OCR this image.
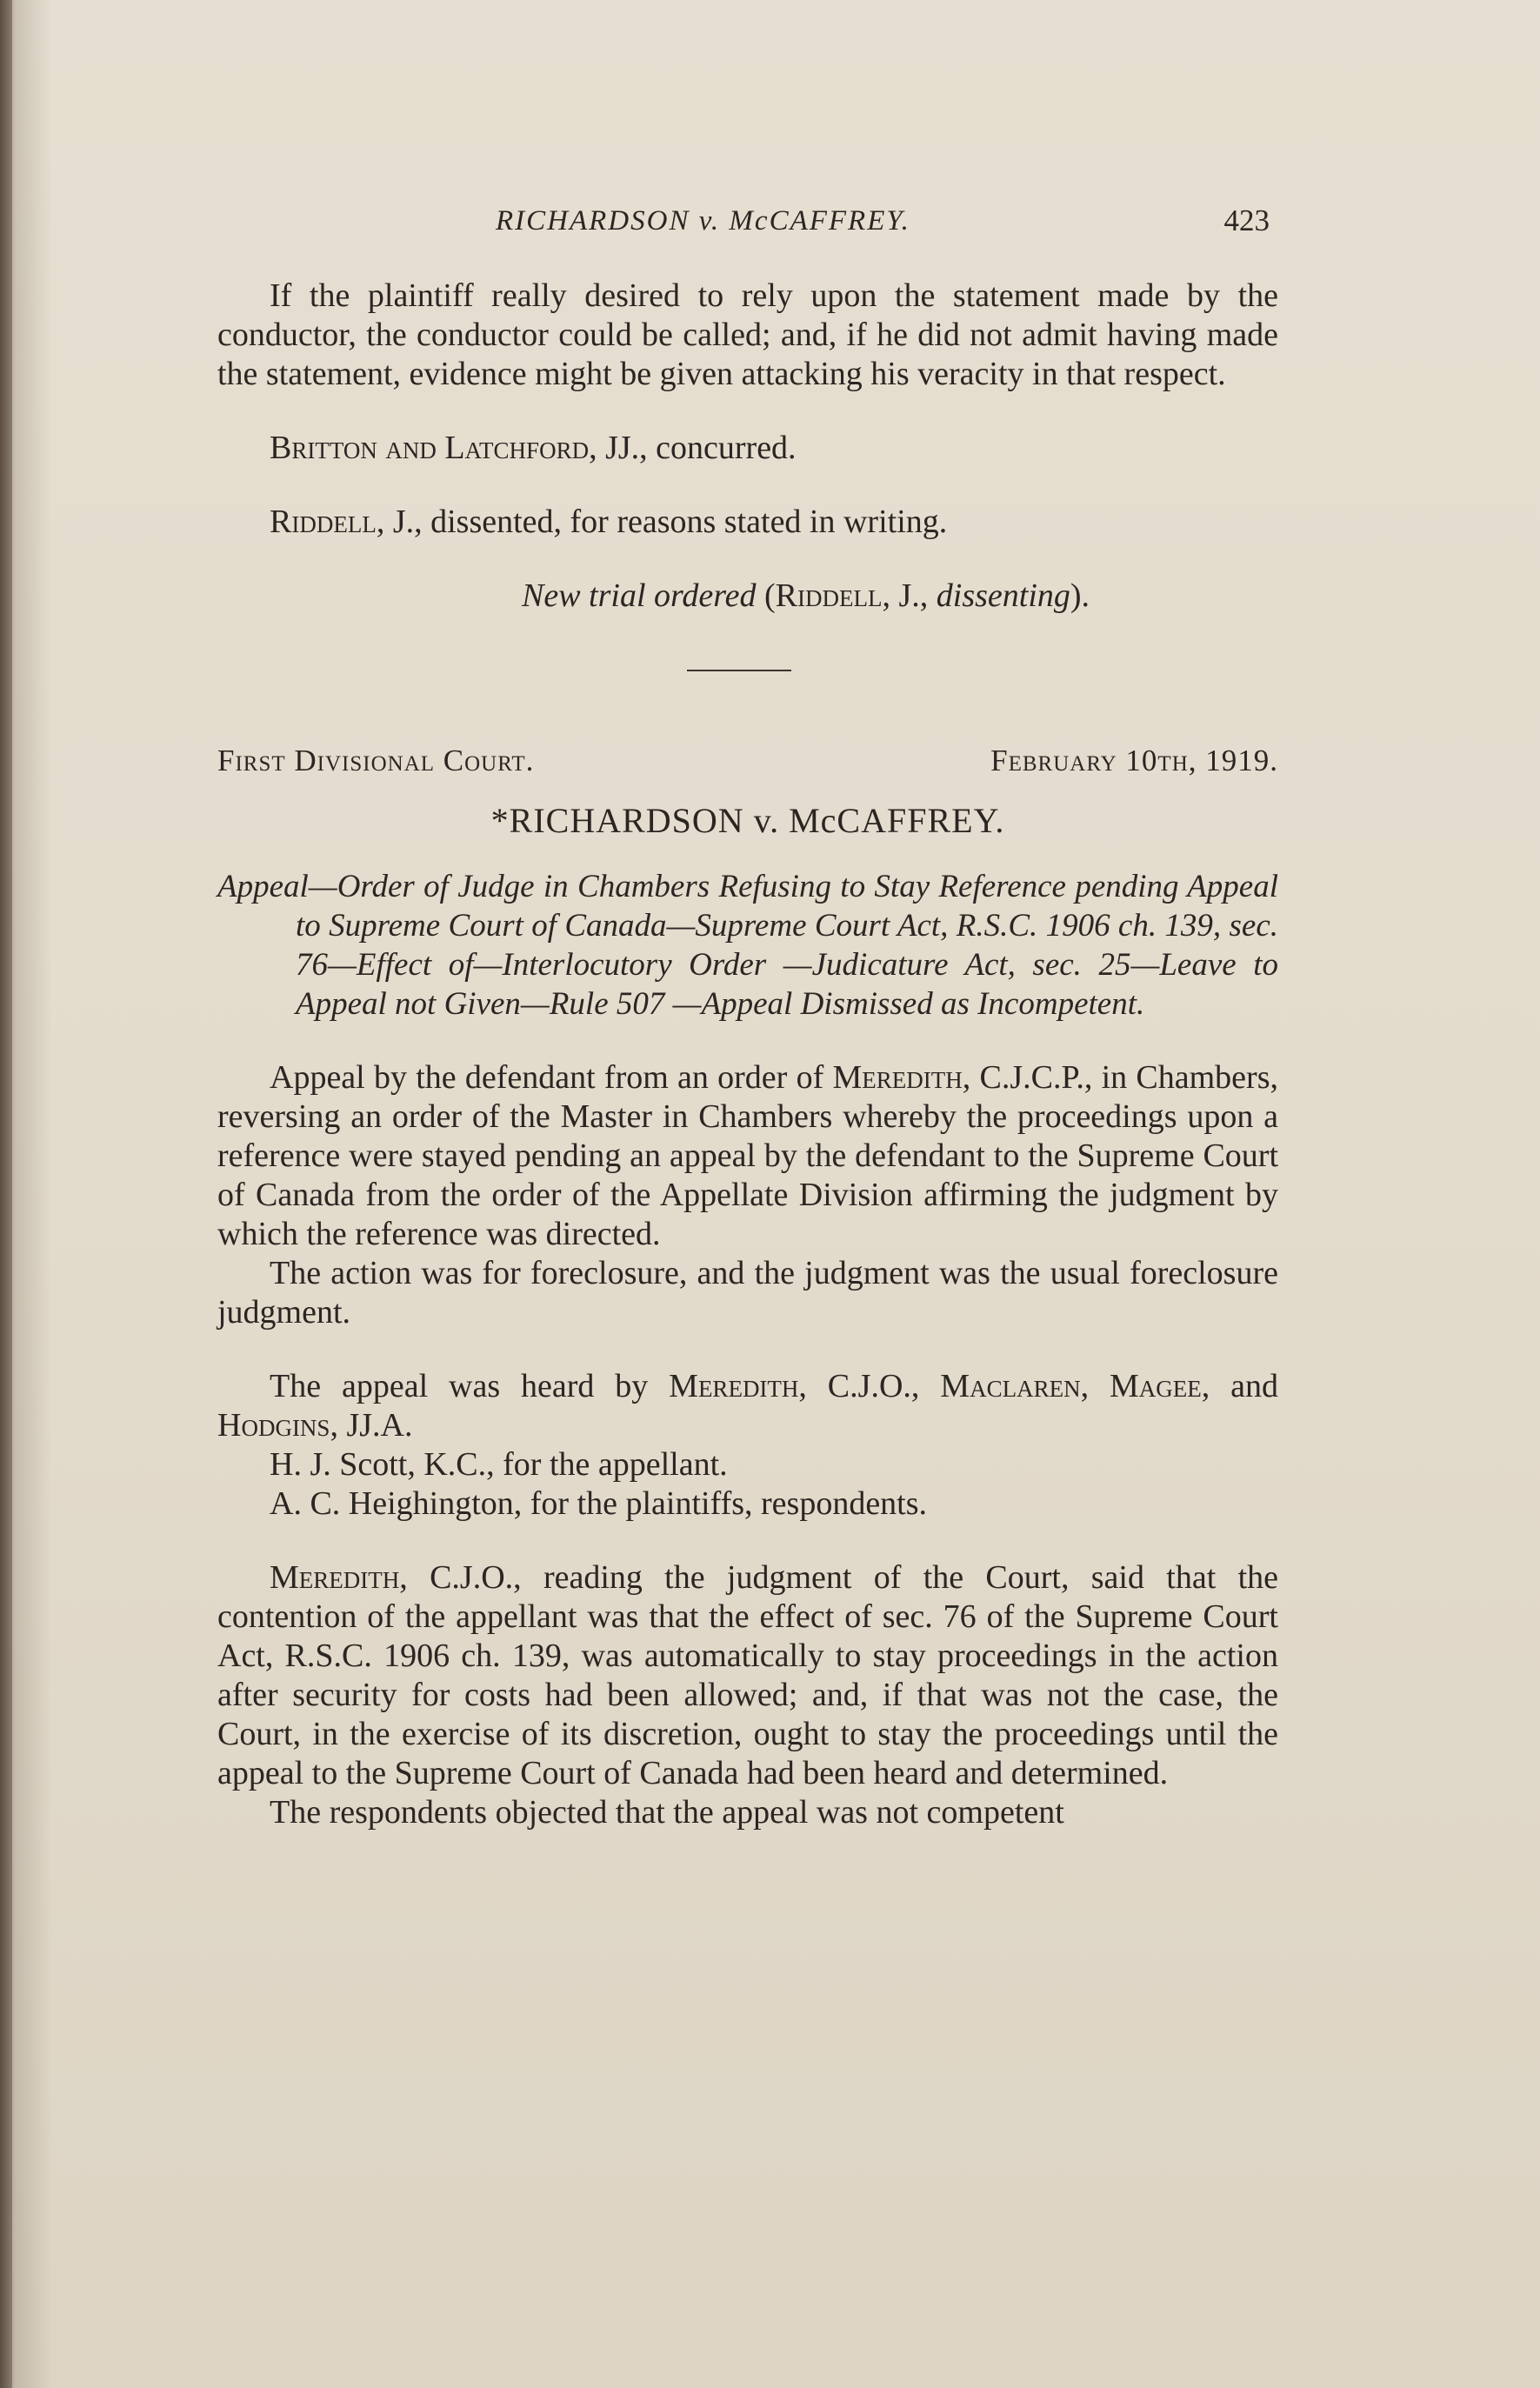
RICHARDSON v. McCAFFREY.	423

If the plaintiff really desired to rely upon the statement made by the conductor, the conductor could be called; and, if he did not admit having made the statement, evidence might be given attacking his veracity in that respect.

Britton and Latchford, JJ., concurred.

Riddell, J., dissented, for reasons stated in writing.

New trial ordered (Riddell, J., dissenting).
First Divisional Court.	February 10th, 1919.
*RICHARDSON v. McCAFFREY.
Appeal—Order of Judge in Chambers Refusing to Stay Reference pending Appeal to Supreme Court of Canada—Supreme Court Act, R.S.C. 1906 ch. 139, sec. 76—Effect of—Interlocutory Order —Judicature Act, sec. 25—Leave to Appeal not Given—Rule 507 —Appeal Dismissed as Incompetent.

Appeal by the defendant from an order of Meredith, C.J.C.P., in Chambers, reversing an order of the Master in Chambers whereby the proceedings upon a reference were stayed pending an appeal by the defendant to the Supreme Court of Canada from the order of the Appellate Division affirming the judgment by which the reference was directed.

The action was for foreclosure, and the judgment was the usual foreclosure judgment.

The appeal was heard by Meredith, C.J.O., Maclaren, Magee, and Hodgins, JJ.A.

H. J. Scott, K.C., for the appellant.

A. C. Heighington, for the plaintiffs, respondents.

Meredith, C.J.O., reading the judgment of the Court, said that the contention of the appellant was that the effect of sec. 76 of the Supreme Court Act, R.S.C. 1906 ch. 139, was automatically to stay proceedings in the action after security for costs had been allowed; and, if that was not the case, the Court, in the exercise of its discretion, ought to stay the proceedings until the appeal to the Supreme Court of Canada had been heard and determined.

The respondents objected that the appeal was not competent
